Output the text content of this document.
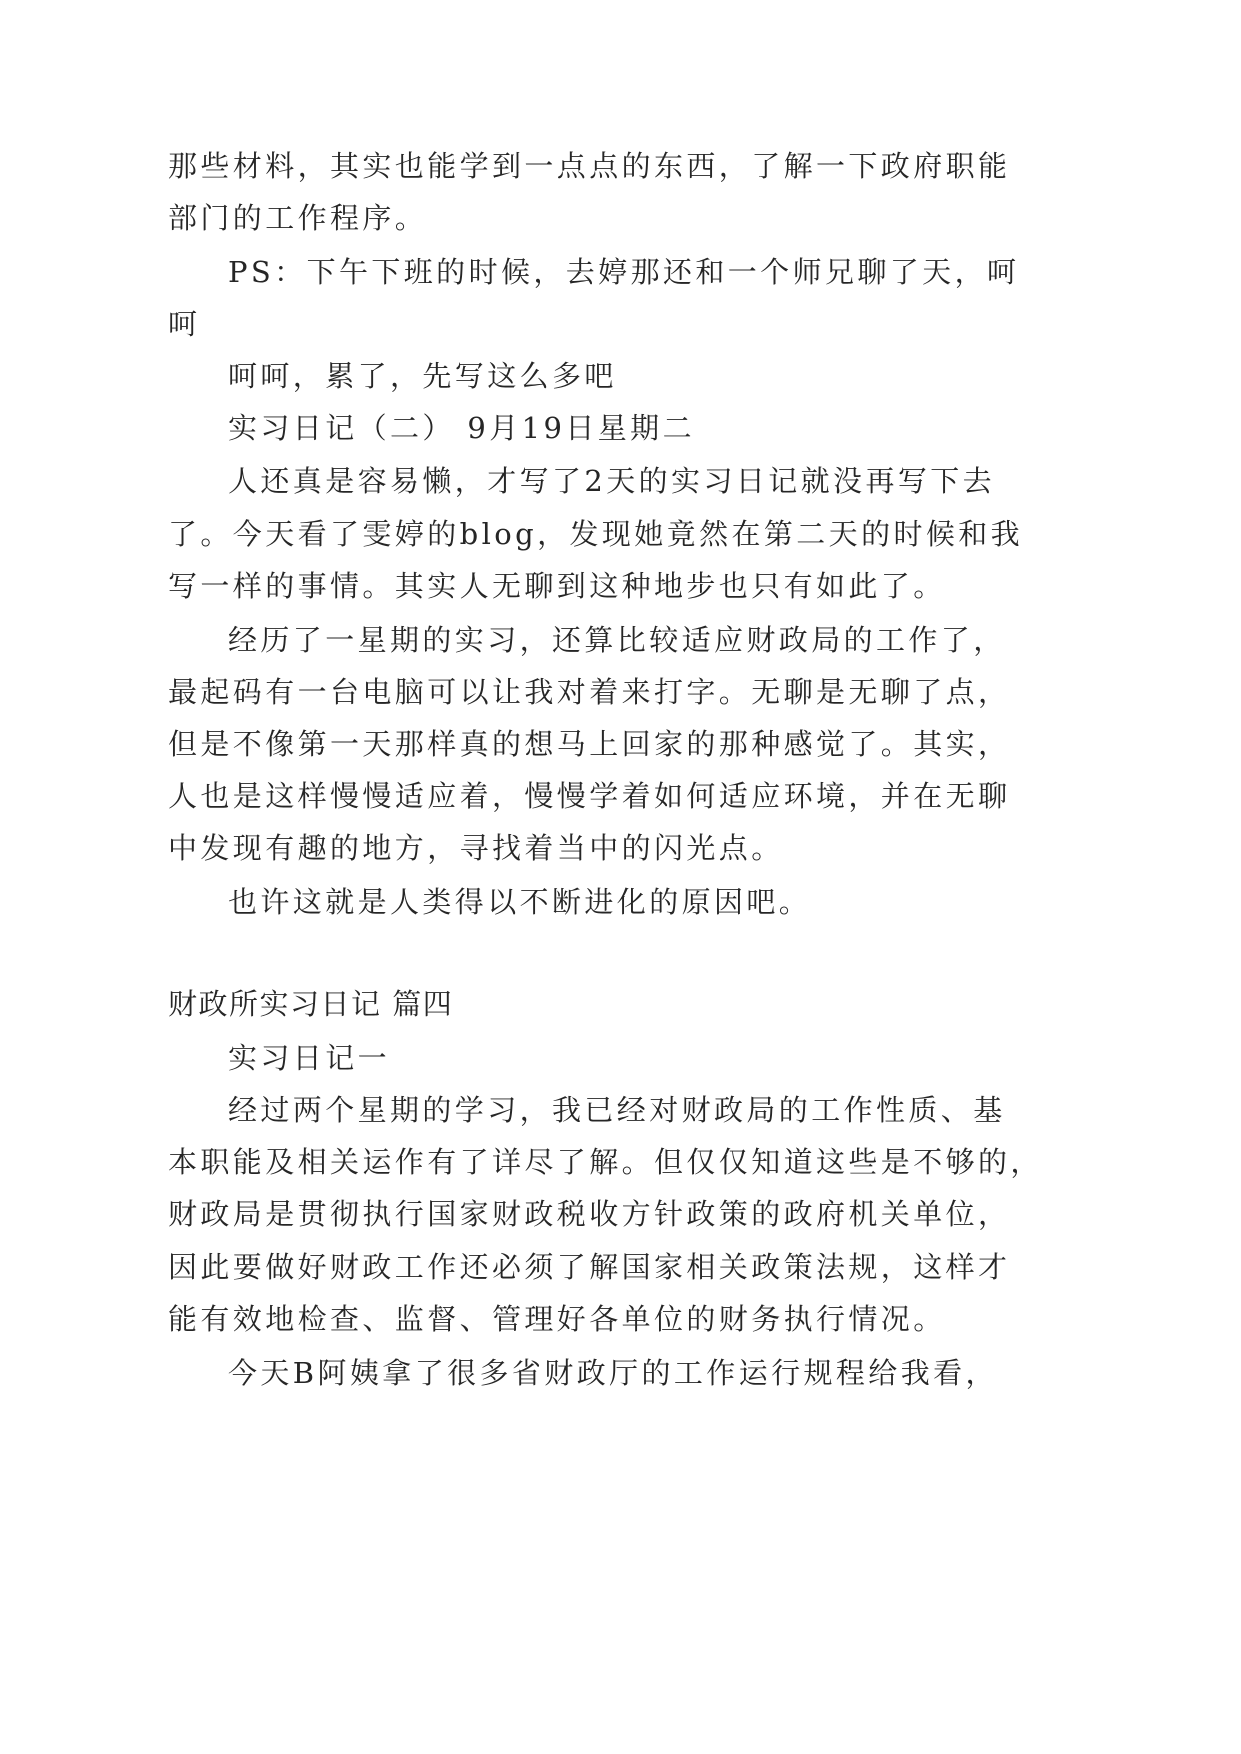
那些材料，其实也能学到一点点的东西，了解一下政府职能
部门的工作程序。
PS：下午下班的时候，去婷那还和一个师兄聊了天，呵
呵
呵呵，累了，先写这么多吧
实习日记（二） 9月19日星期二
人还真是容易懒，才写了2天的实习日记就没再写下去
了。今天看了雯婷的blog，发现她竟然在第二天的时候和我
写一样的事情。其实人无聊到这种地步也只有如此了。
经历了一星期的实习，还算比较适应财政局的工作了，
最起码有一台电脑可以让我对着来打字。无聊是无聊了点，
但是不像第一天那样真的想马上回家的那种感觉了。其实，
人也是这样慢慢适应着，慢慢学着如何适应环境，并在无聊
中发现有趣的地方，寻找着当中的闪光点。
也许这就是人类得以不断进化的原因吧。
财政所实习日记 篇四
实习日记一
经过两个星期的学习，我已经对财政局的工作性质、基
本职能及相关运作有了详尽了解。但仅仅知道这些是不够的，
财政局是贯彻执行国家财政税收方针政策的政府机关单位，
因此要做好财政工作还必须了解国家相关政策法规，这样才
能有效地检查、监督、管理好各单位的财务执行情况。
今天B阿姨拿了很多省财政厅的工作运行规程给我看，
